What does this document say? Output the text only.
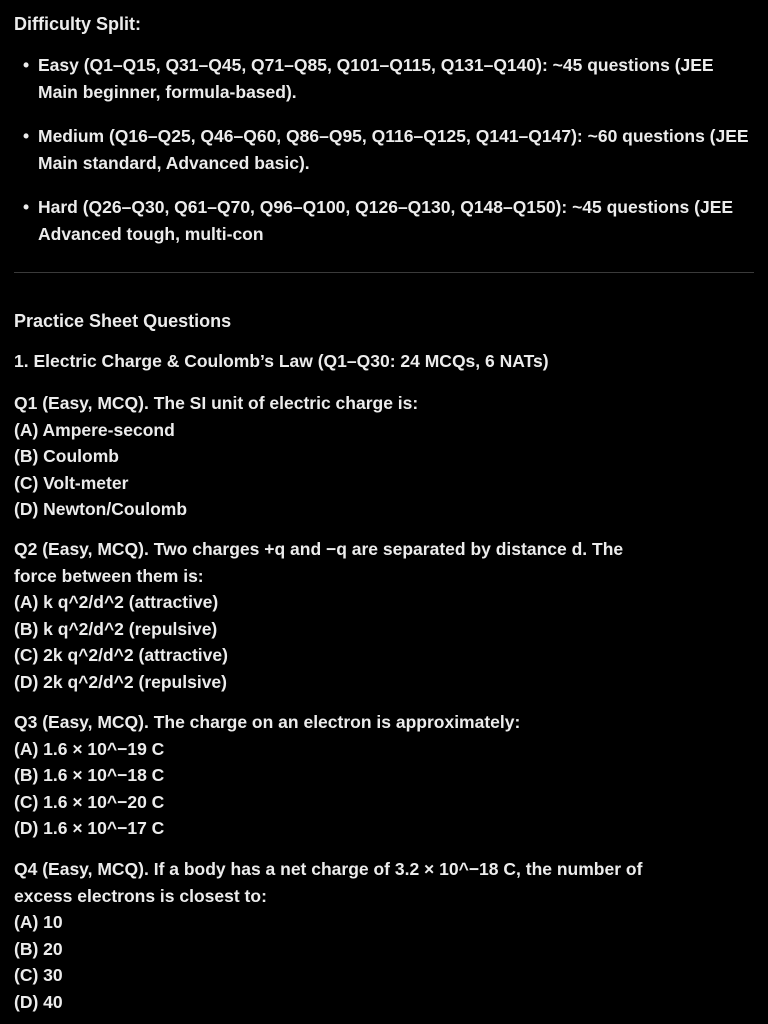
Difficulty Split:
• Easy (Q1–Q15, Q31–Q45, Q71–Q85, Q101–Q115, Q131–Q140): ~45 questions (JEE Main beginner, formula-based).
• Medium (Q16–Q25, Q46–Q60, Q86–Q95, Q116–Q125, Q141–Q147): ~60 questions (JEE Main standard, Advanced basic).
• Hard (Q26–Q30, Q61–Q70, Q96–Q100, Q126–Q130, Q148–Q150): ~45 questions (JEE Advanced tough, multi-con
Practice Sheet Questions
1. Electric Charge & Coulomb’s Law (Q1–Q30: 24 MCQs, 6 NATs)
Q1 (Easy, MCQ). The SI unit of electric charge is:
(A) Ampere-second
(B) Coulomb
(C) Volt-meter
(D) Newton/Coulomb
Q2 (Easy, MCQ). Two charges +q and −q are separated by distance d. The
force between them is:
(A) k q^2/d^2 (attractive)
(B) k q^2/d^2 (repulsive)
(C) 2k q^2/d^2 (attractive)
(D) 2k q^2/d^2 (repulsive)
Q3 (Easy, MCQ). The charge on an electron is approximately:
(A) 1.6 × 10^−19 C
(B) 1.6 × 10^−18 C
(C) 1.6 × 10^−20 C
(D) 1.6 × 10^−17 C
Q4 (Easy, MCQ). If a body has a net charge of 3.2 × 10^−18 C, the number of
excess electrons is closest to:
(A) 10
(B) 20
(C) 30
(D) 40
